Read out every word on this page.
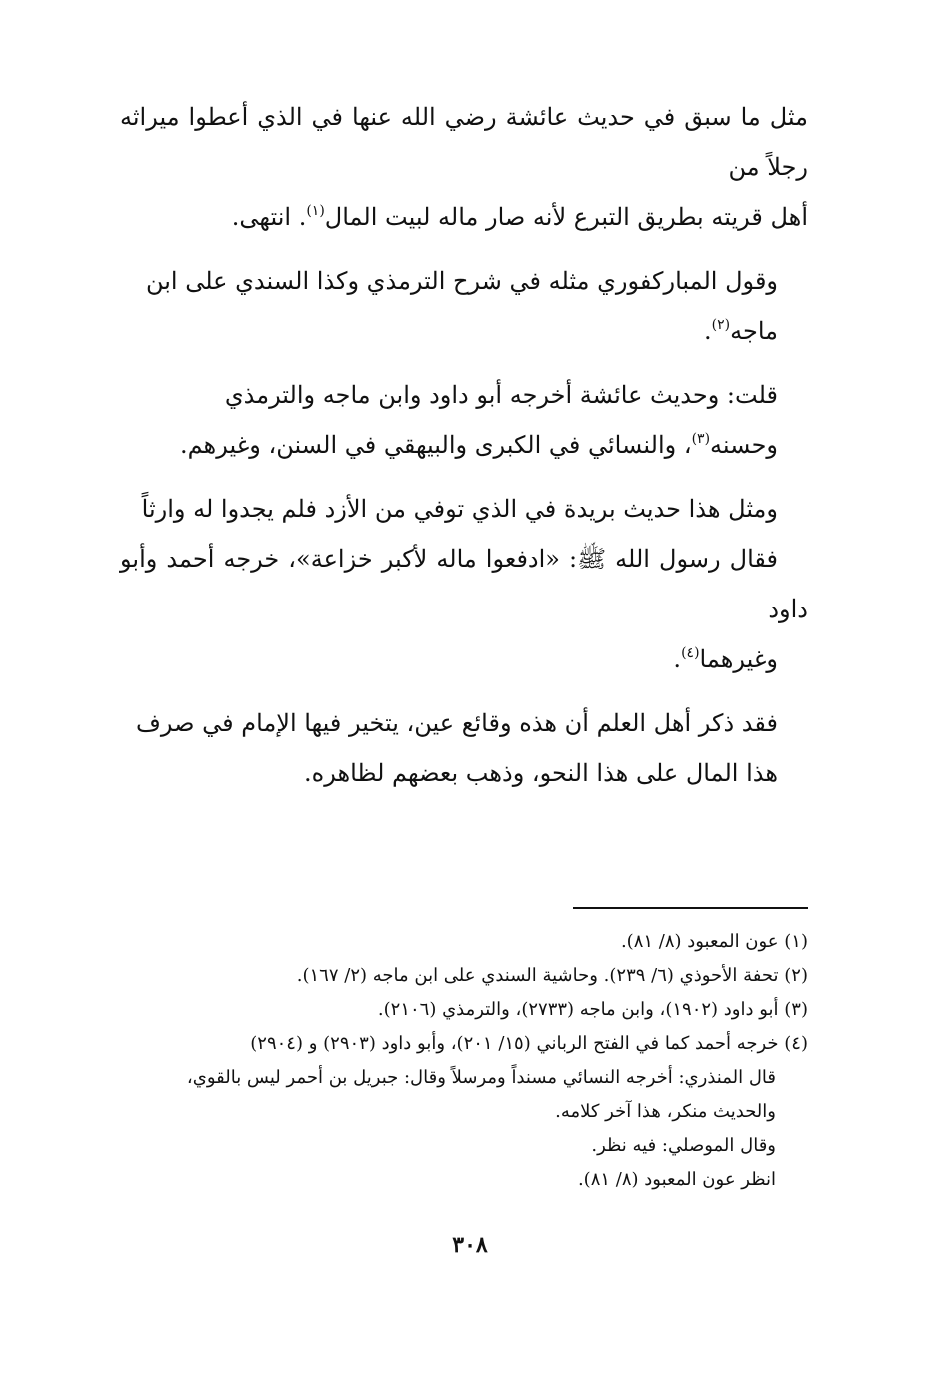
مثل ما سبق في حديث عائشة رضي الله عنها في الذي أعطوا ميراثه رجلاً من
أهل قريته بطريق التبرع لأنه صار ماله لبيت المال$^{(١)}$. انتهى.

وقول المباركفوري مثله في شرح الترمذي وكذا السندي على ابن
ماجه$^{(٢)}$.

قلت: وحديث عائشة أخرجه أبو داود وابن ماجه والترمذي
وحسنه$^{(٣)}$، والنسائي في الكبرى والبيهقي في السنن، وغيرهم.

ومثل هذا حديث بريدة في الذي توفي من الأزد فلم يجدوا له وارثاً
فقال رسول الله ﷺ: «ادفعوا ماله لأكبر خزاعة»، خرجه أحمد وأبو داود
وغيرهما$^{(٤)}$.

فقد ذكر أهل العلم أن هذه وقائع عين، يتخير فيها الإمام في صرف
هذا المال على هذا النحو، وذهب بعضهم لظاهره.

(١) عون المعبود (٨/ ٨١).
(٢) تحفة الأحوذي (٦/ ٢٣٩). وحاشية السندي على ابن ماجه (٢/ ١٦٧).
(٣) أبو داود (١٩٠٢)، وابن ماجه (٢٧٣٣)، والترمذي (٢١٠٦).
(٤) خرجه أحمد كما في الفتح الرباني (١٥/ ٢٠١)، وأبو داود (٢٩٠٣) و (٢٩٠٤)
قال المنذري: أخرجه النسائي مسنداً ومرسلاً وقال: جبريل بن أحمر ليس بالقوي،
والحديث منكر، هذا آخر كلامه.
وقال الموصلي: فيه نظر.
انظر عون المعبود (٨/ ٨١).
٣٠٨
